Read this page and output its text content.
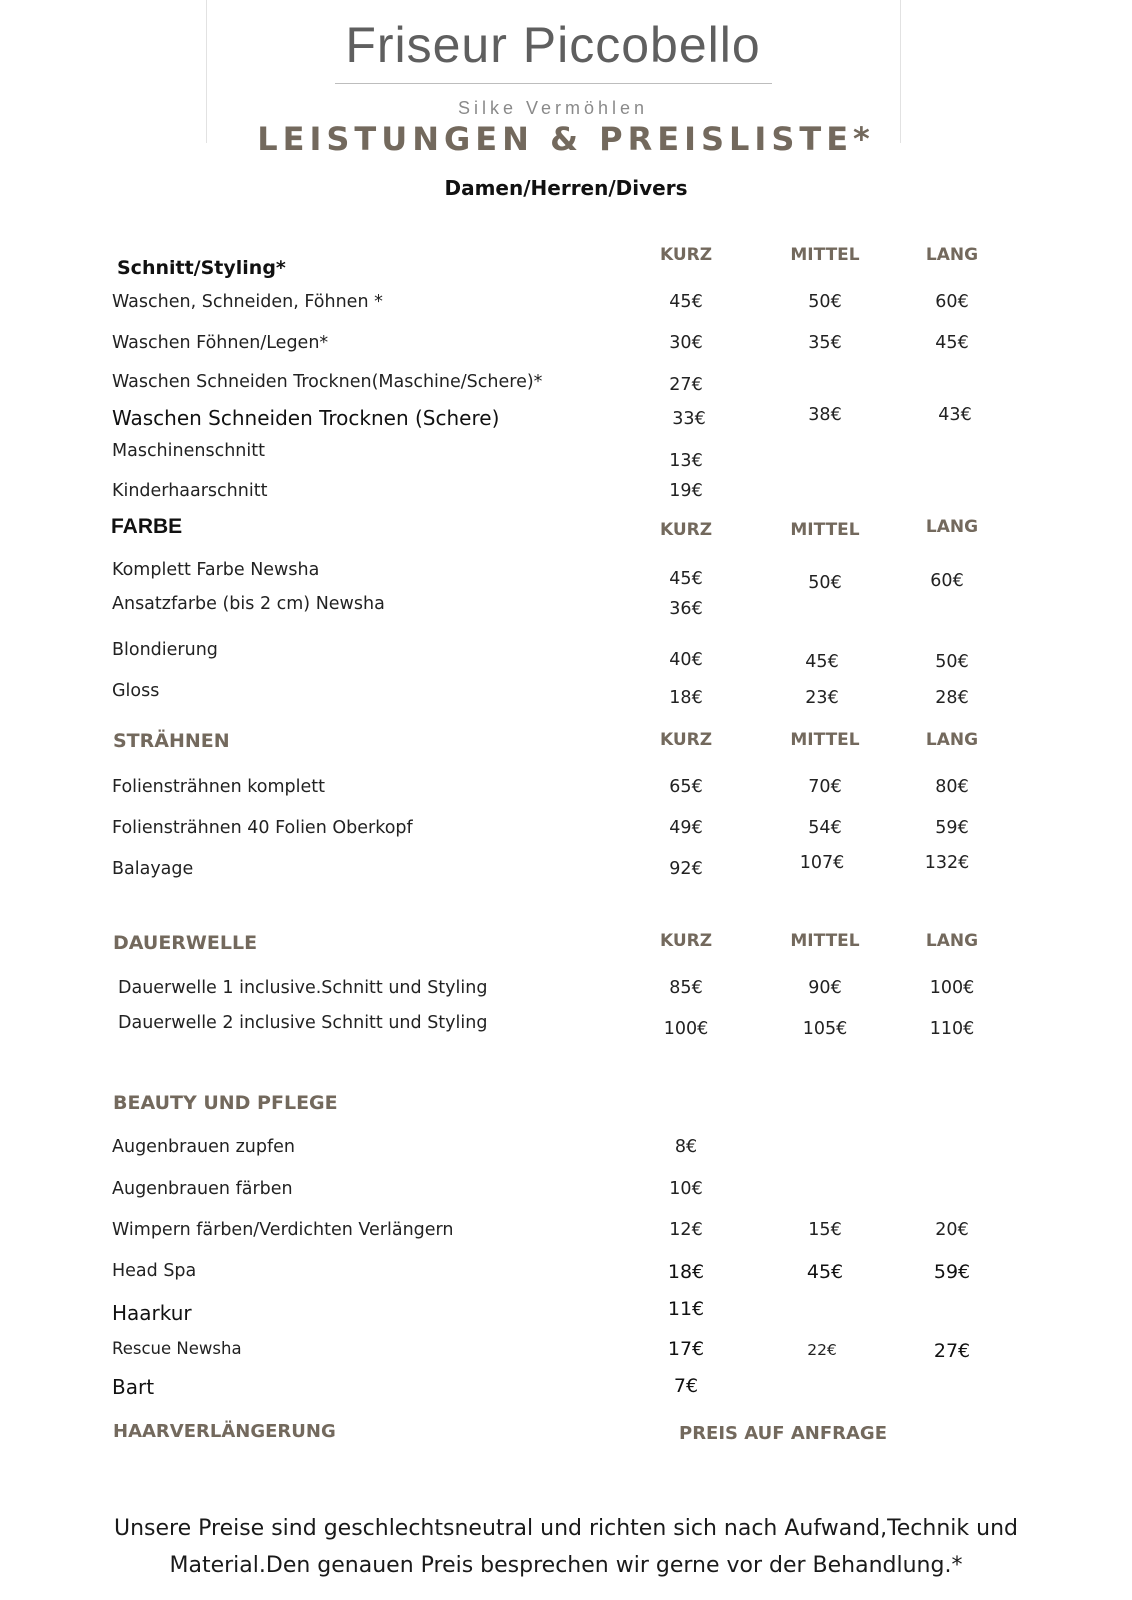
Friseur Piccobello
Silke Vermöhlen
LEISTUNGEN & PREISLISTE*
Damen/Herren/Divers
Schnitt/Styling*
KURZ	MITTEL	LANG
Waschen, Schneiden, Föhnen *	45€	50€	60€
Waschen Föhnen/Legen*	30€	35€	45€
Waschen Schneiden Trocknen(Maschine/Schere)*	27€
Waschen Schneiden Trocknen (Schere)	33€	38€	43€
Maschinenschnitt	13€
Kinderhaarschnitt	19€
FARBE	KURZ	MITTEL	LANG
Komplett Farbe Newsha	45€	50€	60€
Ansatzfarbe (bis 2 cm) Newsha	36€
Blondierung	40€	45€	50€
Gloss	18€	23€	28€
STRÄHNEN	KURZ	MITTEL	LANG
Foliensträhnen komplett	65€	70€	80€
Foliensträhnen 40 Folien Oberkopf	49€	54€	59€
Balayage	92€	107€	132€
DAUERWELLE	KURZ	MITTEL	LANG
Dauerwelle 1 inclusive.Schnitt und Styling	85€	90€	100€
Dauerwelle 2 inclusive Schnitt und Styling	100€	105€	110€
BEAUTY UND PFLEGE
Augenbrauen zupfen	8€
Augenbrauen färben	10€
Wimpern färben/Verdichten Verlängern	12€	15€	20€
Head Spa	18€	45€	59€
Haarkur	11€
Rescue Newsha	17€	22€	27€
Bart	7€
HAARVERLÄNGERUNG	PREIS AUF ANFRAGE
Unsere Preise sind geschlechtsneutral und richten sich nach Aufwand,Technik und Material.Den genauen Preis besprechen wir gerne vor der Behandlung.*
